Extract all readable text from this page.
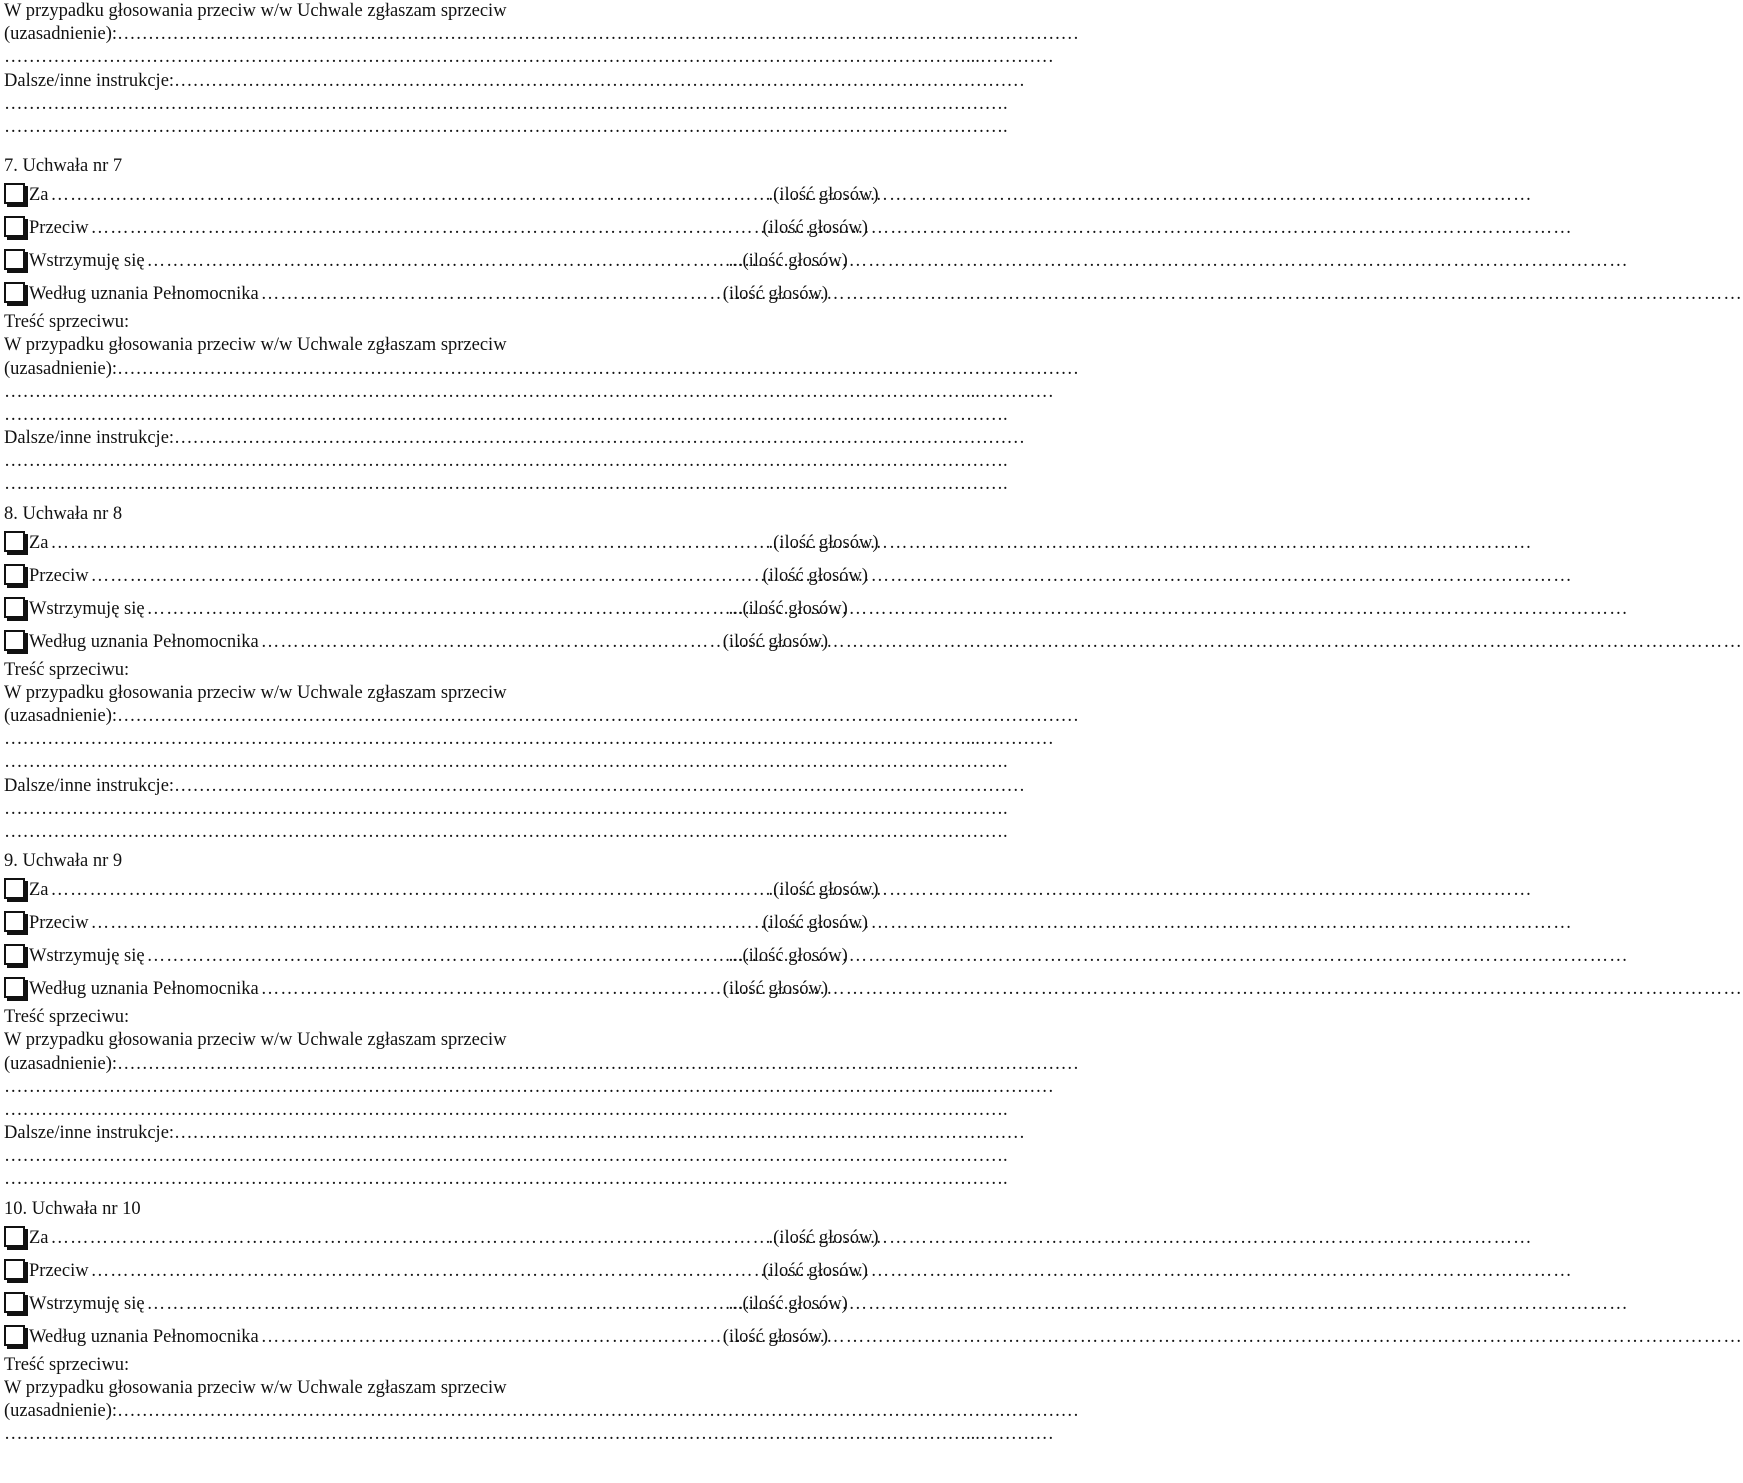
W przypadku głosowania przeciw w/w Uchwale zgłaszam sprzeciw
(uzasadnienie):…………………………………………………………………………………………………………………………………………
…………………………………………………………………………………………………………………………………………...…………
Dalsze/inne instrukcje:…………………………………………………………………………………………………………………………
……………………………………………………………………………………………………………………………………………….
……………………………………………………………………………………………………………………………………………….
7. Uchwała nr 7
Za …………………………………………………………………………………………………………………………………………………………………………………………………………	.(ilość głosów)
Przeciw …………………………………………………………………………………………………………………………………………………………………………………………………………	(ilość głosów)
Wstrzymuję się …………………………………………………………………………………………………………………………………………………………………………………………………………	...(ilość głosów)
Według uznania Pełnomocnika …………………………………………………………………………………………………………………………………………………………………………………………………………	(ilość głosów)
Treść sprzeciwu:
W przypadku głosowania przeciw w/w Uchwale zgłaszam sprzeciw
(uzasadnienie):…………………………………………………………………………………………………………………………………………
…………………………………………………………………………………………………………………………………………...…………
……………………………………………………………………………………………………………………………………………….
Dalsze/inne instrukcje:…………………………………………………………………………………………………………………………
……………………………………………………………………………………………………………………………………………….
……………………………………………………………………………………………………………………………………………….
8. Uchwała nr 8
Za …………………………………………………………………………………………………………………………………………………………………………………………………………	.(ilość głosów)
Przeciw …………………………………………………………………………………………………………………………………………………………………………………………………………	(ilość głosów)
Wstrzymuję się …………………………………………………………………………………………………………………………………………………………………………………………………………	...(ilość głosów)
Według uznania Pełnomocnika …………………………………………………………………………………………………………………………………………………………………………………………………………	(ilość głosów)
Treść sprzeciwu:
W przypadku głosowania przeciw w/w Uchwale zgłaszam sprzeciw
(uzasadnienie):…………………………………………………………………………………………………………………………………………
…………………………………………………………………………………………………………………………………………...…………
……………………………………………………………………………………………………………………………………………….
Dalsze/inne instrukcje:…………………………………………………………………………………………………………………………
……………………………………………………………………………………………………………………………………………….
……………………………………………………………………………………………………………………………………………….
9. Uchwała nr 9
Za …………………………………………………………………………………………………………………………………………………………………………………………………………	.(ilość głosów)
Przeciw …………………………………………………………………………………………………………………………………………………………………………………………………………	(ilość głosów)
Wstrzymuję się …………………………………………………………………………………………………………………………………………………………………………………………………………	...(ilość głosów)
Według uznania Pełnomocnika …………………………………………………………………………………………………………………………………………………………………………………………………………	(ilość głosów)
Treść sprzeciwu:
W przypadku głosowania przeciw w/w Uchwale zgłaszam sprzeciw
(uzasadnienie):…………………………………………………………………………………………………………………………………………
…………………………………………………………………………………………………………………………………………...…………
……………………………………………………………………………………………………………………………………………….
Dalsze/inne instrukcje:…………………………………………………………………………………………………………………………
……………………………………………………………………………………………………………………………………………….
……………………………………………………………………………………………………………………………………………….
10. Uchwała nr 10
Za …………………………………………………………………………………………………………………………………………………………………………………………………………	.(ilość głosów)
Przeciw …………………………………………………………………………………………………………………………………………………………………………………………………………	(ilość głosów)
Wstrzymuję się …………………………………………………………………………………………………………………………………………………………………………………………………………	...(ilość głosów)
Według uznania Pełnomocnika …………………………………………………………………………………………………………………………………………………………………………………………………………	(ilość głosów)
Treść sprzeciwu:
W przypadku głosowania przeciw w/w Uchwale zgłaszam sprzeciw
(uzasadnienie):…………………………………………………………………………………………………………………………………………
…………………………………………………………………………………………………………………………………………...…………
